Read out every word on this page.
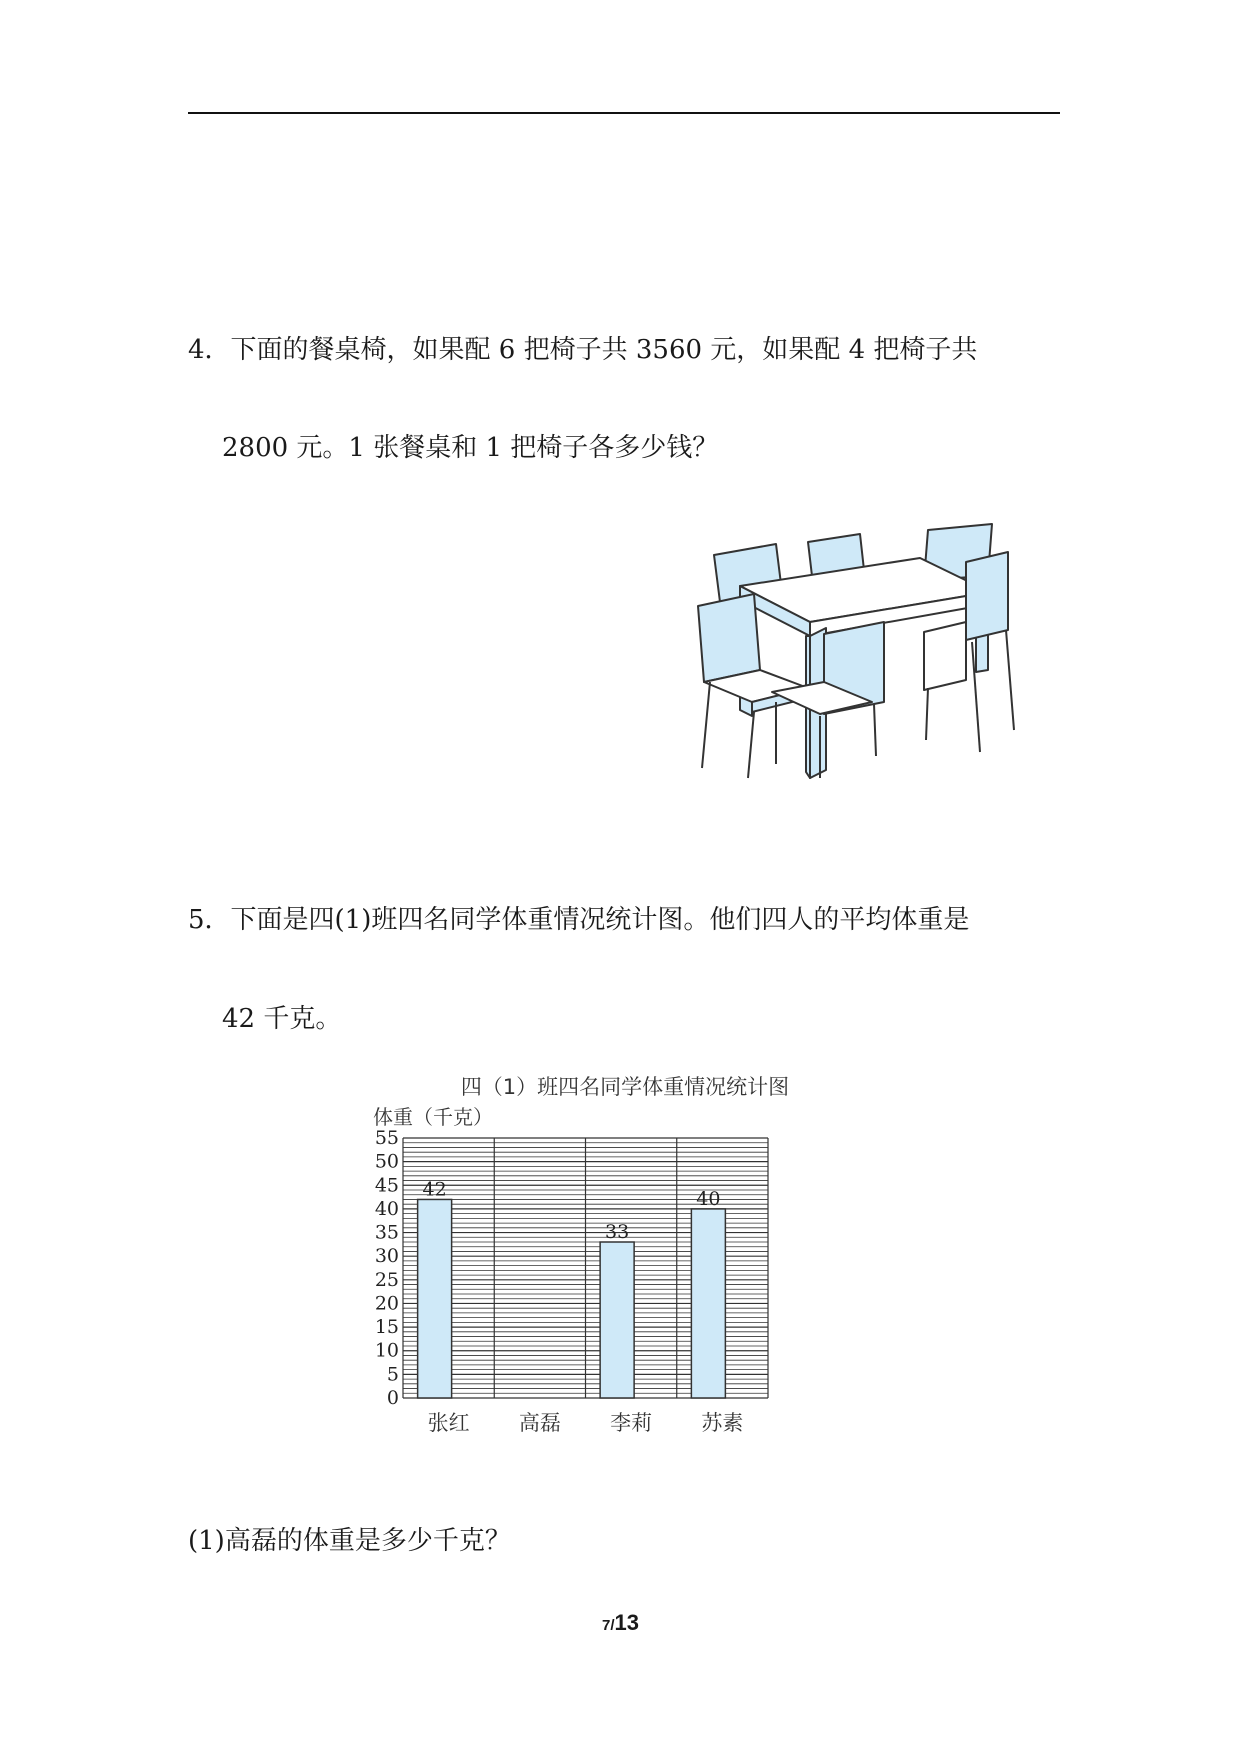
4．下面的餐桌椅，如果配 6 把椅子共 3560 元，如果配 4 把椅子共
2800 元。1 张餐桌和 1 把椅子各多少钱？
5．下面是四(1)班四名同学体重情况统计图。他们四人的平均体重是
42 千克。
四（1）班四名同学体重情况统计图
体重（千克）
0
5
10
15
20
25
30
35
40
45
50
55
42
33
40
张红 高磊 李莉 苏素
(1)高磊的体重是多少千克？
7/13
